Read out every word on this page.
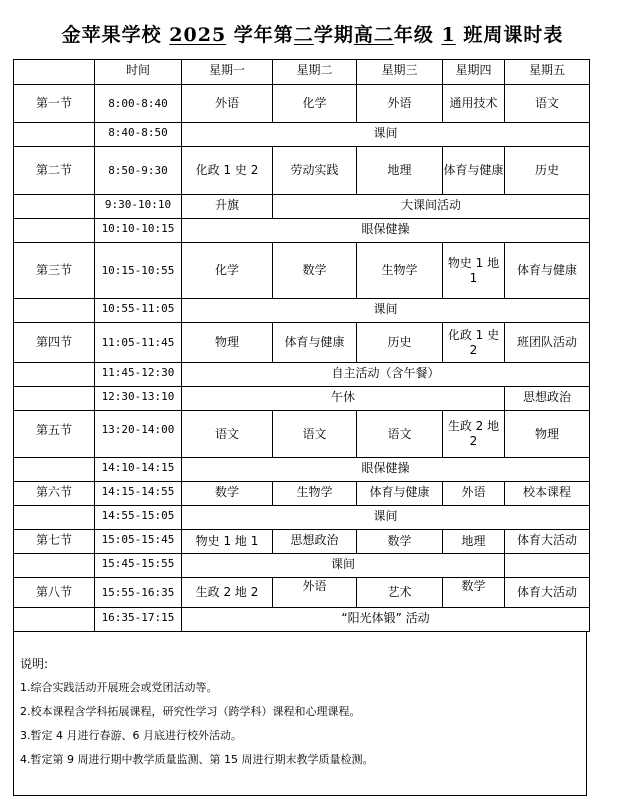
金苹果学校 2025 学年第二学期高二年级 1 班周课时表
	时间	星期一	星期二	星期三	星期四	星期五
第一节	8:00-8:40	外语	化学	外语	通用技术	语文
	8:40-8:50	课间				
第二节	8:50-9:30	化政 1 史 2	劳动实践	地理	体育与健康	历史
	9:30-10:10	升旗	大课间活动			
	10:10-10:15	眼保健操				
第三节	10:15-10:55	化学	数学	生物学	物史 1 地 1	体育与健康
	10:55-11:05	课间				
第四节	11:05-11:45	物理	体育与健康	历史	化政 1 史 2	班团队活动
	11:45-12:30	自主活动（含午餐）				
	12:30-13:10	午休				思想政治
第五节	13:20-14:00	语文	语文	语文	生政 2 地 2	物理
	14:10-14:15	眼保健操				
第六节	14:15-14:55	数学	生物学	体育与健康	外语	校本课程
	14:55-15:05	课间				
第七节	15:05-15:45	物史 1 地 1	思想政治	数学	地理	体育大活动
	15:45-15:55	课间				
第八节	15:55-16:35	生政 2 地 2	外语	艺术	数学	体育大活动
	16:35-17:15	“阳光体锻” 活动				
说明:
1.综合实践活动开展班会或党团活动等。
2.校本课程含学科拓展课程，研究性学习（跨学科）课程和心理课程。
3.暂定 4 月进行春游、6 月底进行校外活动。
4.暂定第 9 周进行期中教学质量监测、第 15 周进行期末教学质量检测。
